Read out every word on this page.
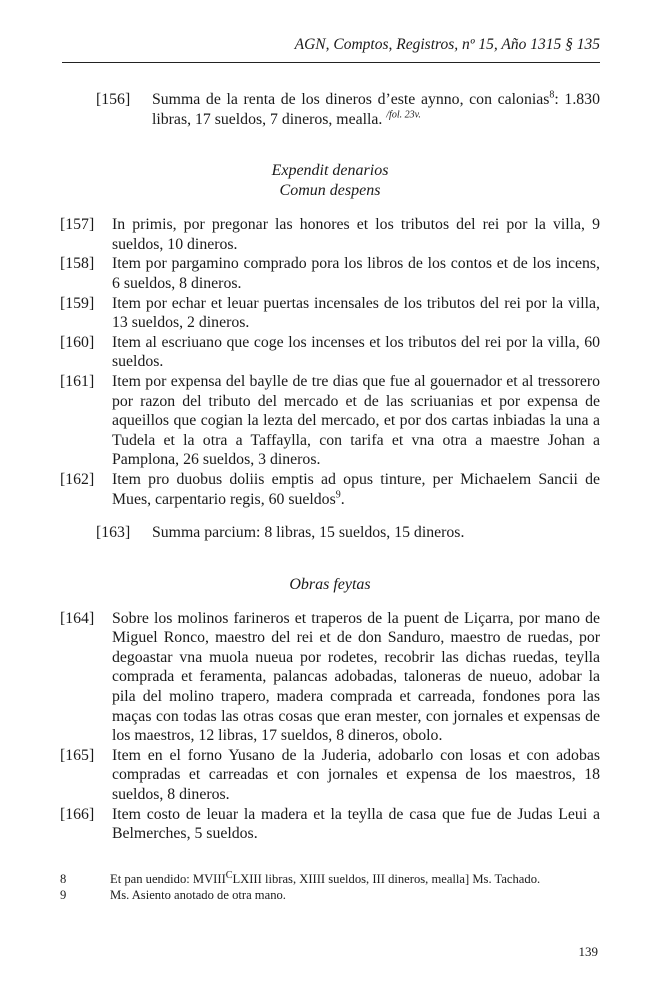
AGN, Comptos, Registros, nº 15, Año 1315 § 135
[156]	Summa de la renta de los dineros d’este aynno, con calonias$^8$: 1.830 libras, 17 sueldos, 7 dineros, mealla. $^{/fol. 23v.}$
Expendit denarios
Comun despens
[157]	In primis, por pregonar las honores et los tributos del rei por la villa, 9 sueldos, 10 dineros.
[158]	Item por pargamino comprado pora los libros de los contos et de los incens, 6 sueldos, 8 dineros.
[159]	Item por echar et leuar puertas incensales de los tributos del rei por la villa, 13 sueldos, 2 dineros.
[160]	Item al escriuano que coge los incenses et los tributos del rei por la villa, 60 sueldos.
[161]	Item por expensa del baylle de tre dias que fue al gouernador et al tressorero por razon del tributo del mercado et de las scriuanias et por expensa de aqueillos que cogian la lezta del mercado, et por dos cartas inbiadas la una a Tudela et la otra a Taffaylla, con tarifa et vna otra a maestre Johan a Pamplona, 26 sueldos, 3 dineros.
[162]	Item pro duobus doliis emptis ad opus tinture, per Michaelem Sancii de Mues, carpentario regis, 60 sueldos$^9$.
[163]	Summa parcium: 8 libras, 15 sueldos, 15 dineros.
Obras feytas
[164]	Sobre los molinos farineros et traperos de la puent de Liçarra, por mano de Miguel Ronco, maestro del rei et de don Sanduro, maestro de ruedas, por degoastar vna muola nueua por rodetes, recobrir las dichas ruedas, teylla comprada et feramenta, palancas adobadas, taloneras de nueuo, adobar la pila del molino trapero, madera comprada et carreada, fondones pora las maças con todas las otras cosas que eran mester, con jornales et expensas de los maestros, 12 libras, 17 sueldos, 8 dineros, obolo.
[165]	Item en el forno Yusano de la Juderia, adobarlo con losas et con adobas compradas et carreadas et con jornales et expensa de los maestros, 18 sueldos, 8 dineros.
[166]	Item costo de leuar la madera et la teylla de casa que fue de Judas Leui a Belmerches, 5 sueldos.
8	Et pan uendido: $MVIII^CLXIII$ libras, XIIII sueldos, III dineros, mealla] Ms. Tachado.
9	Ms. Asiento anotado de otra mano.
139
